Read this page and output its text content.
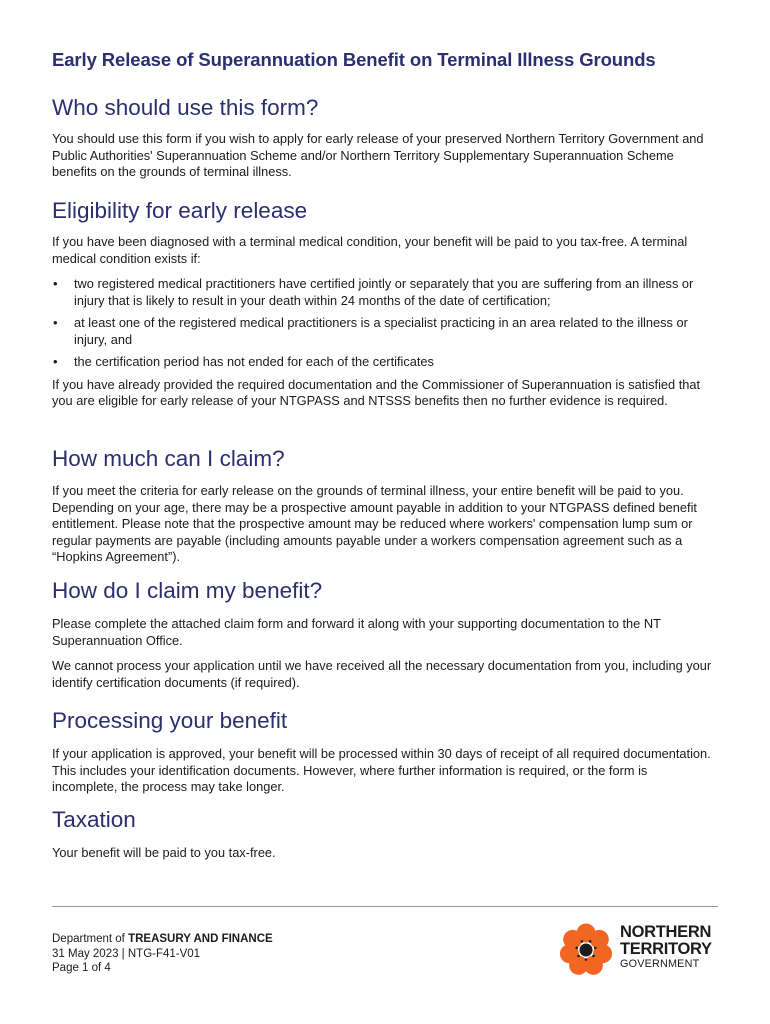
Early Release of Superannuation Benefit on Terminal Illness Grounds
Who should use this form?

You should use this form if you wish to apply for early release of your preserved Northern Territory Government and Public Authorities' Superannuation Scheme and/or Northern Territory Supplementary Superannuation Scheme benefits on the grounds of terminal illness.

Eligibility for early release

If you have been diagnosed with a terminal medical condition, your benefit will be paid to you tax-free. A terminal medical condition exists if:

• two registered medical practitioners have certified jointly or separately that you are suffering from an illness or injury that is likely to result in your death within 24 months of the date of certification;
• at least one of the registered medical practitioners is a specialist practicing in an area related to the illness or injury, and
• the certification period has not ended for each of the certificates

If you have already provided the required documentation and the Commissioner of Superannuation is satisfied that you are eligible for early release of your NTGPASS and NTSSS benefits then no further evidence is required.

How much can I claim?

If you meet the criteria for early release on the grounds of terminal illness, your entire benefit will be paid to you. Depending on your age, there may be a prospective amount payable in addition to your NTGPASS defined benefit entitlement. Please note that the prospective amount may be reduced where workers' compensation lump sum or regular payments are payable (including amounts payable under a workers compensation agreement such as a “Hopkins Agreement”).

How do I claim my benefit?

Please complete the attached claim form and forward it along with your supporting documentation to the NT Superannuation Office.

We cannot process your application until we have received all the necessary documentation from you, including your identify certification documents (if required).

Processing your benefit

If your application is approved, your benefit will be processed within 30 days of receipt of all required documentation. This includes your identification documents. However, where further information is required, or the form is incomplete, the process may take longer.

Taxation

Your benefit will be paid to you tax-free.

Department of TREASURY AND FINANCE
31 May 2023 | NTG-F41-V01
Page 1 of 4
NORTHERN
TERRITORY
GOVERNMENT
